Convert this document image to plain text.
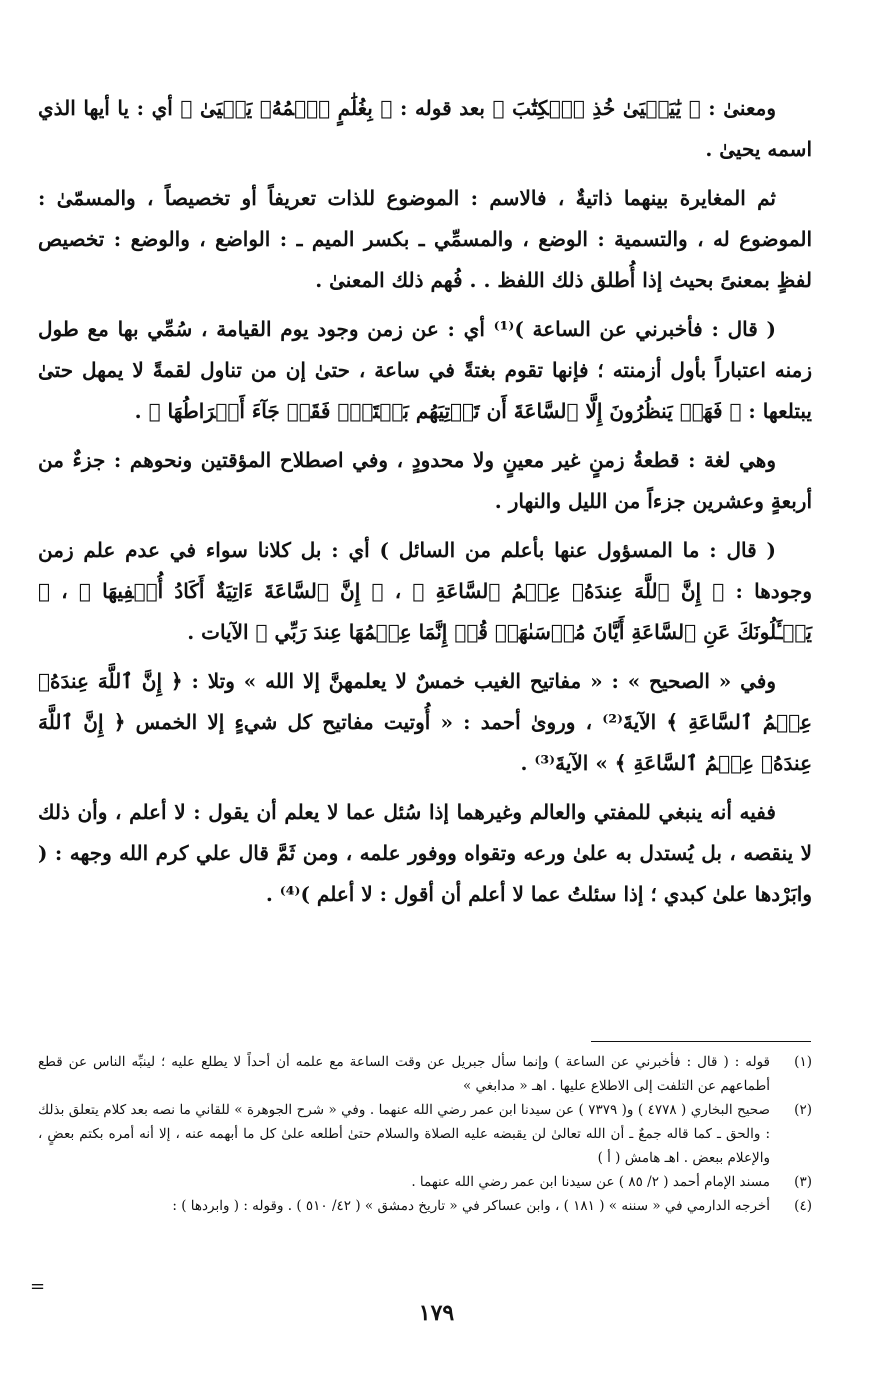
ومعنىٰ : ﴿ يَٰيَحۡيَىٰ خُذِ ٱلۡكِتَٰبَ ﴾ بعد قوله : ﴿ بِغُلَٰمٍ ٱسۡمُهُۥ يَحۡيَىٰ ﴾ أي : يا أيها الذي اسمه يحيىٰ .

ثم المغايرة بينهما ذاتيةٌ ، فالاسم : الموضوع للذات تعريفاً أو تخصيصاً ، والمسمّىٰ : الموضوع له ، والتسمية : الوضع ، والمسمِّي ـ بكسر الميم ـ : الواضع ، والوضع : تخصيص لفظٍ بمعنىً بحيث إذا أُطلق ذلك اللفظ . . فُهم ذلك المعنىٰ .

( قال : فأخبرني عن الساعة )⁽¹⁾ أي : عن زمن وجود يوم القيامة ، سُمِّي بها مع طول زمنه اعتباراً بأول أزمنته ؛ فإنها تقوم بغتةً في ساعة ، حتىٰ إن من تناول لقمةً لا يمهل حتىٰ يبتلعها : ﴿ فَهَلۡ يَنظُرُونَ إِلَّا ٱلسَّاعَةَ أَن تَأۡتِيَهُم بَغۡتَةٗۖ فَقَدۡ جَآءَ أَشۡرَاطُهَا ﴾ .

وهي لغة : قطعةُ زمنٍ غير معينٍ ولا محدودٍ ، وفي اصطلاح المؤقتين ونحوهم : جزءٌ من أربعةٍ وعشرين جزءاً من الليل والنهار .

( قال : ما المسؤول عنها بأعلم من السائل ) أي : بل كلانا سواء في عدم علم زمن وجودها : ﴿ إِنَّ ٱللَّهَ عِندَهُۥ عِلۡمُ ٱلسَّاعَةِ ﴾ ، ﴿ إِنَّ ٱلسَّاعَةَ ءَاتِيَةٌ أَكَادُ أُخۡفِيهَا ﴾ ، ﴿ يَسۡـَٔلُونَكَ عَنِ ٱلسَّاعَةِ أَيَّانَ مُرۡسَىٰهَاۖ قُلۡ إِنَّمَا عِلۡمُهَا عِندَ رَبِّي ﴾ الآيات .

وفي « الصحيح » : « مفاتيح الغيب خمسٌ لا يعلمهنَّ إلا الله » وتلا : ﴿ إِنَّ ٱللَّهَ عِندَهُۥ عِلۡمُ ٱلسَّاعَةِ ﴾ الآيةَ⁽²⁾ ، وروىٰ أحمد : « أُوتيت مفاتيح كل شيءٍ إلا الخمس ﴿ إِنَّ ٱللَّهَ عِندَهُۥ عِلۡمُ ٱلسَّاعَةِ ﴾ » الآيةَ⁽³⁾ .

ففيه أنه ينبغي للمفتي والعالم وغيرهما إذا سُئل عما لا يعلم أن يقول : لا أعلم ، وأن ذلك لا ينقصه ، بل يُستدل به علىٰ ورعه وتقواه ووفور علمه ، ومن ثَمَّ قال علي كرم الله وجهه : ( وابَرْدها علىٰ كبدي ؛ إذا سئلتُ عما لا أعلم أن أقول : لا أعلم )⁽⁴⁾ .

(١)
قوله : ( قال : فأخبرني عن الساعة ) وإنما سأل جبريل عن وقت الساعة مع علمه أن أحداً لا يطلع عليه ؛ لينبِّه الناس عن قطع أطماعهم عن التلفت إلى الاطلاع عليها . اهـ « مدابغي »
(٢)
صحيح البخاري ( ٤٧٧٨ ) و( ٧٣٧٩ ) عن سيدنا ابن عمر رضي الله عنهما . وفي « شرح الجوهرة » للقاني ما نصه بعد كلام يتعلق بذلك : والحق ـ كما قاله جمعٌ ـ أن الله تعالىٰ لن يقبضه عليه الصلاة والسلام حتىٰ أطلعه علىٰ كل ما أبهمه عنه ، إلا أنه أمره بكتم بعضٍ ، والإعلام ببعض . اهـ هامش ( أ )
(٣)
مسند الإمام أحمد ( ٢/ ٨٥ ) عن سيدنا ابن عمر رضي الله عنهما .
(٤)
أخرجه الدارمي في « سننه » ( ١٨١ ) ، وابن عساكر في « تاريخ دمشق » ( ٤٢/ ٥١٠ ) . وقوله : ( وابردها ) :
=
١٧٩
